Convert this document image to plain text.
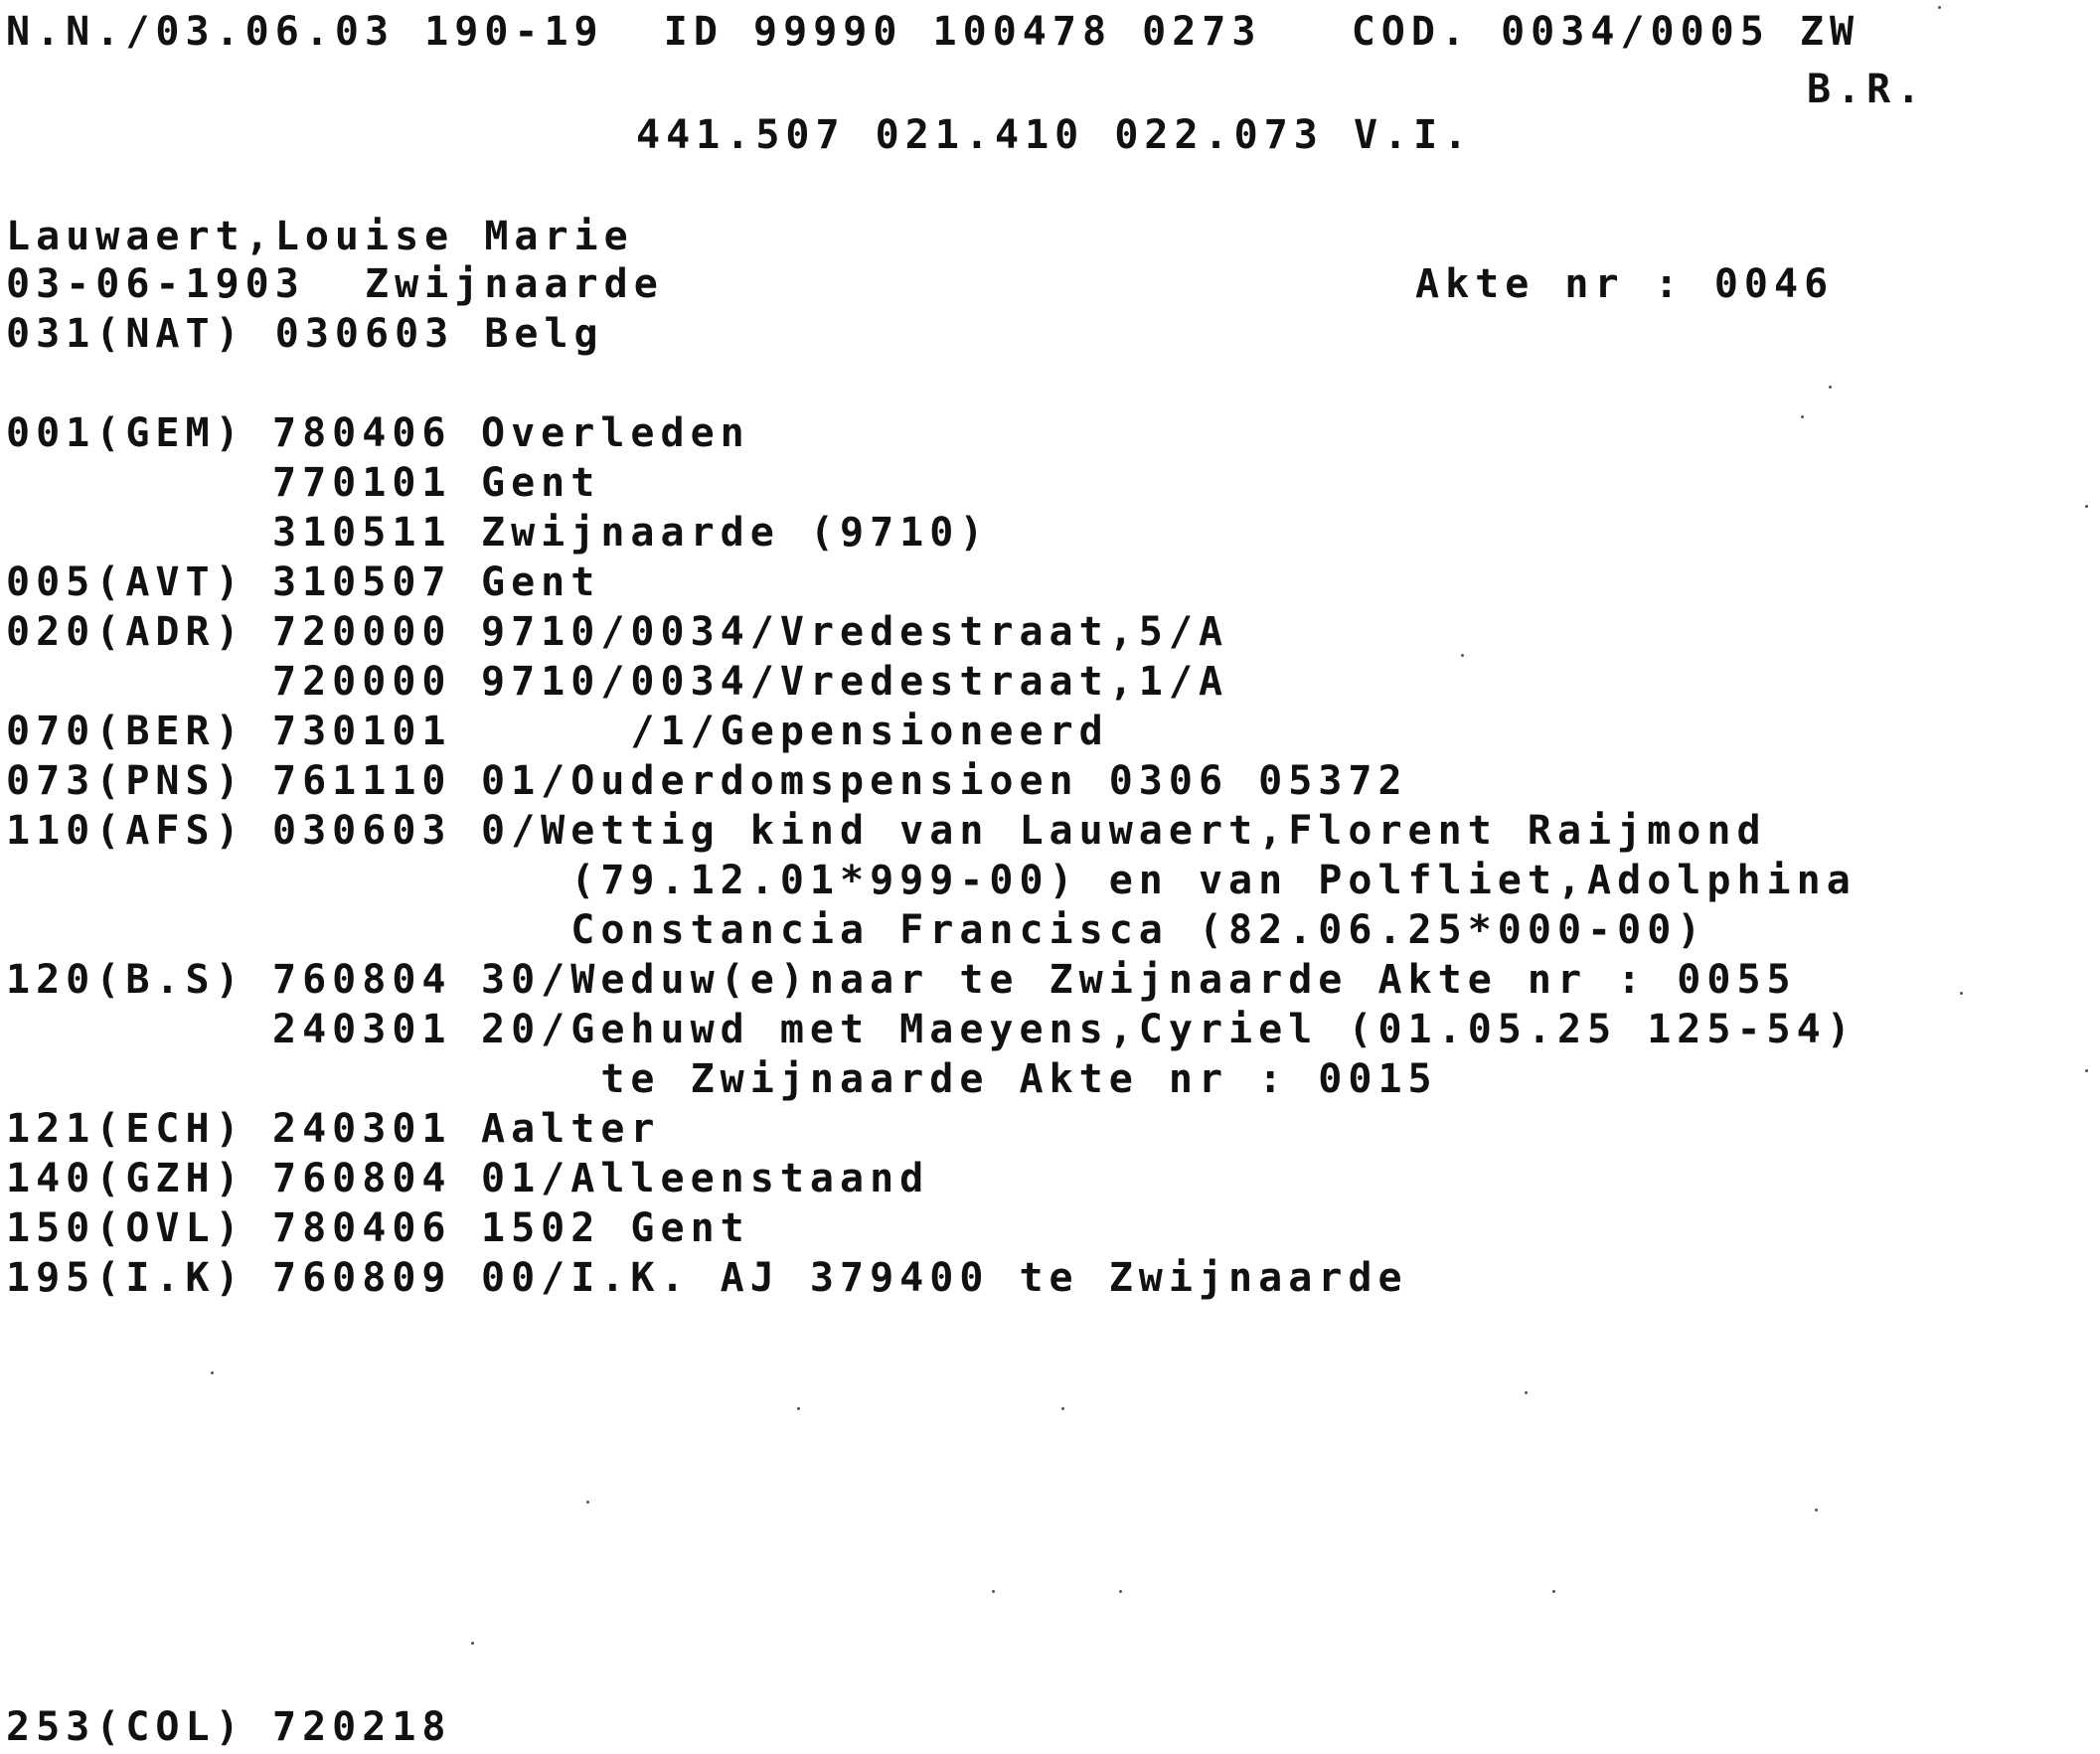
N.N./03.06.03 190-19  ID 99990 100478 0273   COD. 0034/0005 ZW
B.R.
441.507 021.410 022.073 V.I.
Lauwaert,Louise Marie
03-06-1903  Zwijnaarde	Akte nr : 0046
031(NAT) 030603 Belg
001(GEM) 780406 Overleden
770101 Gent
310511 Zwijnaarde (9710)
005(AVT) 310507 Gent
020(ADR) 720000 9710/0034/Vredestraat,5/A
720000 9710/0034/Vredestraat,1/A
070(BER) 730101 /1/Gepensioneerd
073(PNS) 761110 01/Ouderdomspensioen 0306 05372
110(AFS) 030603 0/Wettig kind van Lauwaert,Florent Raijmond
(79.12.01*999-00) en van Polfliet,Adolphina
Constancia Francisca (82.06.25*000-00)
120(B.S) 760804 30/Weduw(e)naar te Zwijnaarde Akte nr : 0055
240301 20/Gehuwd met Maeyens,Cyriel (01.05.25 125-54)
te Zwijnaarde Akte nr : 0015
121(ECH) 240301 Aalter
140(GZH) 760804 01/Alleenstaand
150(OVL) 780406 1502 Gent
195(I.K) 760809 00/I.K. AJ 379400 te Zwijnaarde
253(COL) 720218
